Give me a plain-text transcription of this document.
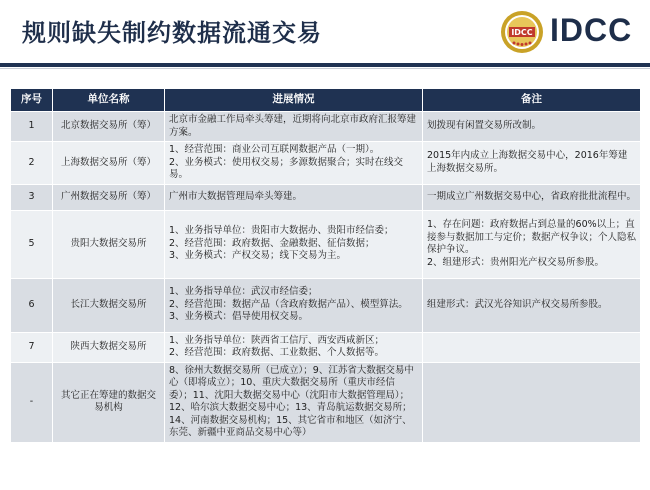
规则缺失制约数据流通交易	IDCC IDCC
序号	单位名称	进展情况	备注
1	北京数据交易所（筹）	北京市金融工作局牵头筹建，近期将向北京市政府汇报筹建方案。	划拨现有闲置交易所改制。

2	上海数据交易所（筹）	1、经营范围：商业公司互联网数据产品（一期）。
2、业务模式：使用权交易；多源数据聚合；实时在线交易。	2015年内成立上海数据交易中心，2016年筹建上海数据交易所。

3	广州数据交易所（筹）	广州市大数据管理局牵头筹建。	一期成立广州数据交易中心，省政府批批流程中。

5	贵阳大数据交易所	1、业务指导单位：贵阳市大数据办、贵阳市经信委；
2、经营范围：政府数据、金融数据、征信数据；
3、业务模式：产权交易；线下交易为主。	1、存在问题：政府数据占到总量的60%以上；直接参与数据加工与定价；数据产权争议；个人隐私保护争议。
2、组建形式：贵州阳光产权交易所参股。

6	长江大数据交易所	1、业务指导单位：武汉市经信委；
2、经营范围：数据产品（含政府数据产品）、模型算法。
3、业务模式：倡导使用权交易。	组建形式：武汉光谷知识产权交易所参股。

7	陕西大数据交易所	1、业务指导单位：陕西省工信厅、西安西咸新区；
2、经营范围：政府数据、工业数据、个人数据等。	

-	其它正在筹建的数据交易机构	8、徐州大数据交易所（已成立）；9、江苏省大数据交易中心（即将成立）；10、重庆大数据交易所（重庆市经信委）；11、沈阳大数据交易中心（沈阳市大数据管理局）；12、哈尔滨大数据交易中心；13、青岛航运数据交易所；14、河南数据交易机构；15、其它省市和地区（如济宁、东莞、新疆中亚商品交易中心等）	
